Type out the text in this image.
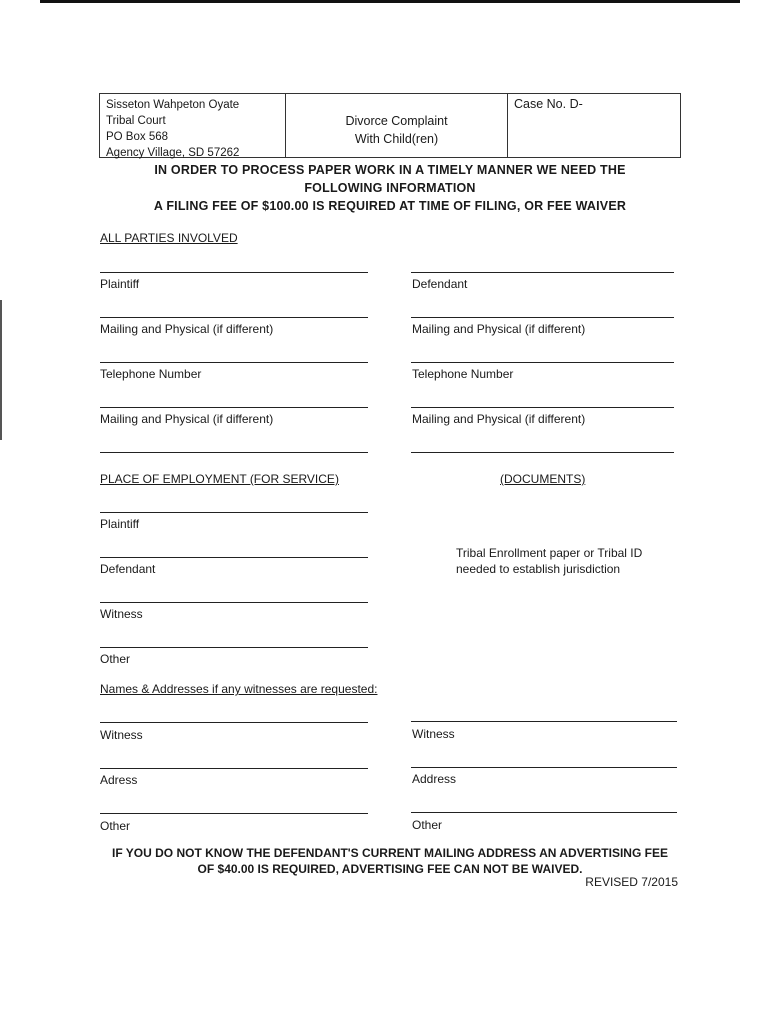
Sisseton Wahpeton Oyate
Tribal Court
PO Box 568
Agency Village, SD 57262
Divorce Complaint
With Child(ren)
Case No. D-
IN ORDER TO PROCESS PAPER WORK IN A TIMELY MANNER WE NEED THE
FOLLOWING INFORMATION
A FILING FEE OF $100.00 IS REQUIRED AT TIME OF FILING, OR FEE WAIVER
ALL PARTIES INVOLVED
Plaintiff	Defendant
Mailing and Physical (if different)	Mailing and Physical (if different)
Telephone Number	Telephone Number
Mailing and Physical (if different)	Mailing and Physical (if different)
PLACE OF EMPLOYMENT (FOR SERVICE)	(DOCUMENTS)
Plaintiff
Defendant
Tribal Enrollment paper or Tribal ID
needed to establish jurisdiction
Witness
Other
Names & Addresses if any witnesses are requested:
Witness	Witness
Adress	Address
Other	Other
IF YOU DO NOT KNOW THE DEFENDANT'S CURRENT MAILING ADDRESS AN ADVERTISING FEE
OF $40.00 IS REQUIRED, ADVERTISING FEE CAN NOT BE WAIVED.
REVISED 7/2015
